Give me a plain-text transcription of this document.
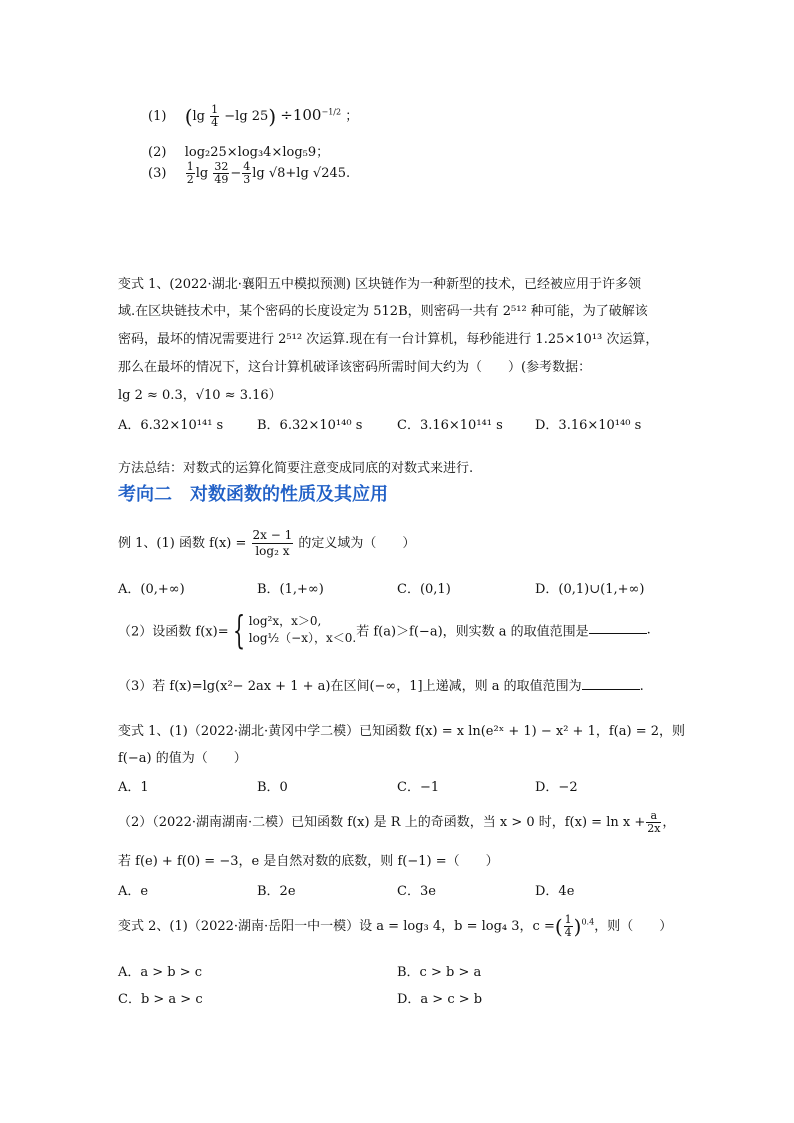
(1) ($\lg \frac{1}{4} -\lg$ $25) \div 100^{-1/2}$ ；
(2) log₂25×log₃4×log₅9；
$(3) \frac{1}{2}$ $\lg \frac{32}{49} - \frac{4}{3}$ lg √8+lg √245.
变式 1、(2022·湖北·襄阳五中模拟预测) 区块链作为一种新型的技术，已经被应用于许多领
域.在区块链技术中，某个密码的长度设定为 512B，则密码一共有 2⁵¹² 种可能，为了破解该
密码，最坏的情况需要进行 2⁵¹² 次运算.现在有一台计算机，每秒能进行 1.25×10¹³ 次运算，
那么在最坏的情况下，这台计算机破译该密码所需时间大约为（　　）(参考数据：
lg 2 ≈ 0.3，√10 ≈ 3.16）
A．6.32×10¹⁴¹ s	B．6.32×10¹⁴⁰ s	C．3.16×10¹⁴¹ s D．3.16×10¹⁴⁰ s
方法总结：对数式的运算化简要注意变成同底的对数式来进行.
考向二　对数函数的性质及其应用
例 1、(1) 函数 $f(x) = \frac{2x - 1}{\text{log₂ x}}$ 的定义域为（　　）
A．(0,+∞)	B．(1,+∞)	C．(0,1)	D．(0,1)∪(1,+∞)
（2）设函数 f(x)= { log²x，x＞0,
log½（−x），x＜0. 若 f(a)＞f(−a)，则实数 a 的取值范围是	.
（3）若 f(x)=lg(x²− 2ax + 1 + a)在区间(−∞，1]上递减，则 a 的取值范围为	.
变式 1、(1)（2022·湖北·黄冈中学二模）已知函数 f(x) = x ln(e²ˣ + 1) − x² + 1，f(a) = 2，则
f(−a) 的值为（　　）
A．1	B．0	C．−1	D．−2
（2）（2022·湖南湖南·二模）已知函数 f(x) 是 R 上的奇函数，当 x > 0 时，$f(x) = \ln x + \frac{a}{2x}$ ，
若 f(e) + f(0) = −3，e 是自然对数的底数，则 f(−1) =（　　）
A．e	B．2e	C．3e	D．4e
变式 2、(1)（2022·湖南·岳阳一中一模）设 a = log₃ 4，b = log₄ 3，c =( $\frac{1}{4} )^{0.4}$，则（　　）
A．a > b > c	B．c > b > a
C．b > a > c	D．a > c > b
